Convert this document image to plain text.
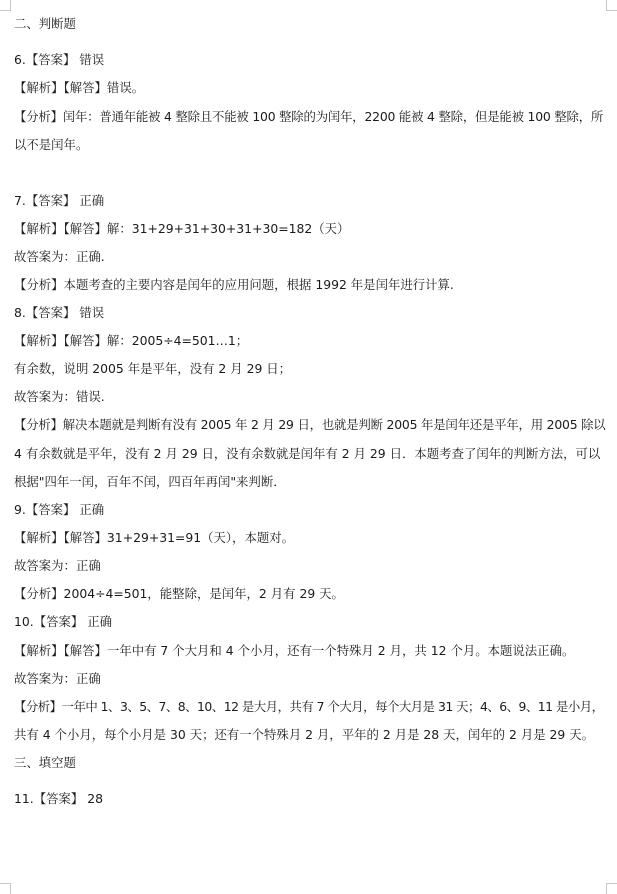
二、判断题
6.【答案】 错误
【解析】【解答】错误。
【分析】闰年：普通年能被 4 整除且不能被 100 整除的为闰年，2200 能被 4 整除，但是能被 100 整除，所
以不是闰年。
7.【答案】 正确
【解析】【解答】解：31+29+31+30+31+30=182（天）
故答案为：正确.
【分析】本题考查的主要内容是闰年的应用问题，根据 1992 年是闰年进行计算.
8.【答案】 错误
【解析】【解答】解：2005÷4=501…1；
有余数，说明 2005 年是平年，没有 2 月 29 日；
故答案为：错误.
【分析】解决本题就是判断有没有 2005 年 2 月 29 日，也就是判断 2005 年是闰年还是平年，用 2005 除以
4 有余数就是平年，没有 2 月 29 日，没有余数就是闰年有 2 月 29 日．本题考查了闰年的判断方法，可以
根据"四年一闰，百年不闰，四百年再闰"来判断．
9.【答案】 正确
【解析】【解答】31+29+31=91（天），本题对。
故答案为：正确
【分析】2004÷4=501，能整除，是闰年，2 月有 29 天。
10.【答案】 正确
【解析】【解答】一年中有 7 个大月和 4 个小月，还有一个特殊月 2 月，共 12 个月。本题说法正确。
故答案为：正确
【分析】一年中 1、3、5、7、8、10、12 是大月，共有 7 个大月，每个大月是 31 天；4、6、9、11 是小月，
共有 4 个小月，每个小月是 30 天；还有一个特殊月 2 月，平年的 2 月是 28 天，闰年的 2 月是 29 天。
三、填空题
11.【答案】 28
